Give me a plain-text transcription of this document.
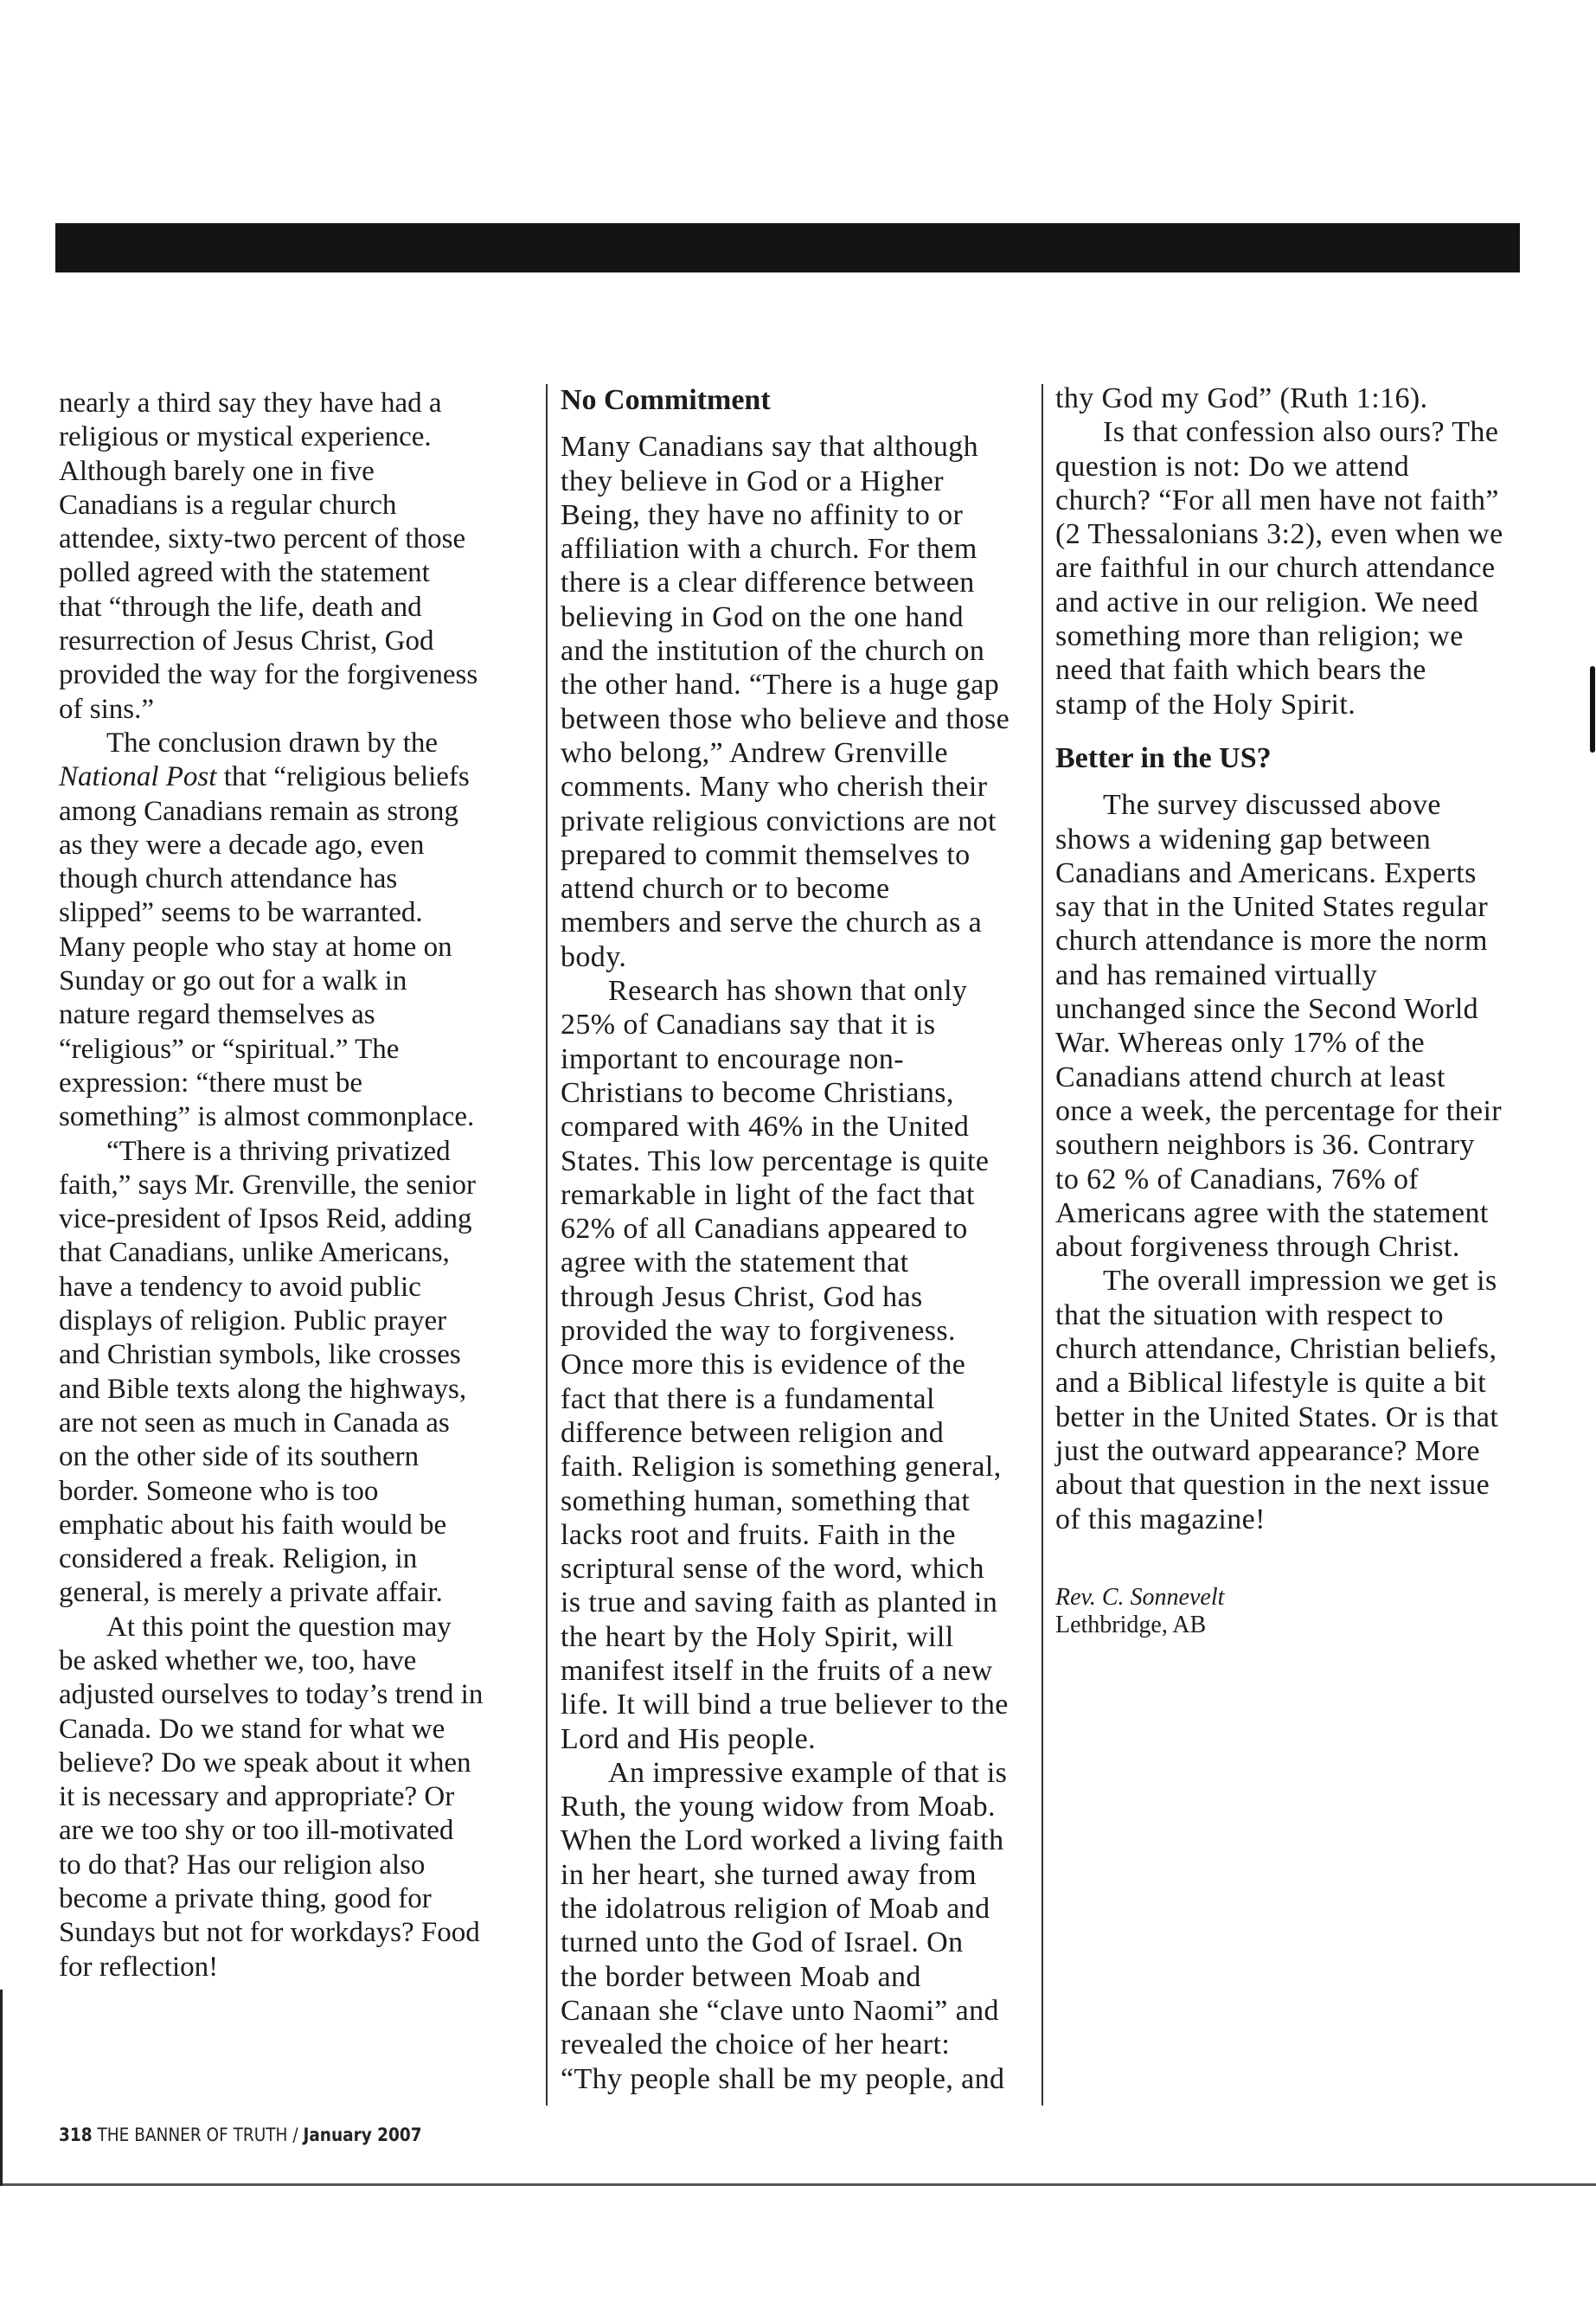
nearly a third say they have had a
religious or mystical experience.
Although barely one in five
Canadians is a regular church
attendee, sixty-two percent of those
polled agreed with the statement
that “through the life, death and
resurrection of Jesus Christ, God
provided the way for the forgiveness
of sins.”
The conclusion drawn by the
National Post that “religious beliefs
among Canadians remain as strong
as they were a decade ago, even
though church attendance has
slipped” seems to be warranted.
Many people who stay at home on
Sunday or go out for a walk in
nature regard themselves as
“religious” or “spiritual.” The
expression: “there must be
something” is almost commonplace.
“There is a thriving privatized
faith,” says Mr. Grenville, the senior
vice-president of Ipsos Reid, adding
that Canadians, unlike Americans,
have a tendency to avoid public
displays of religion. Public prayer
and Christian symbols, like crosses
and Bible texts along the highways,
are not seen as much in Canada as
on the other side of its southern
border. Someone who is too
emphatic about his faith would be
considered a freak. Religion, in
general, is merely a private affair.
At this point the question may
be asked whether we, too, have
adjusted ourselves to today’s trend in
Canada. Do we stand for what we
believe? Do we speak about it when
it is necessary and appropriate? Or
are we too shy or too ill-motivated
to do that? Has our religion also
become a private thing, good for
Sundays but not for workdays? Food
for reflection!
No Commitment
Many Canadians say that although
they believe in God or a Higher
Being, they have no affinity to or
affiliation with a church. For them
there is a clear difference between
believing in God on the one hand
and the institution of the church on
the other hand. “There is a huge gap
between those who believe and those
who belong,” Andrew Grenville
comments. Many who cherish their
private religious convictions are not
prepared to commit themselves to
attend church or to become
members and serve the church as a
body.
Research has shown that only
25% of Canadians say that it is
important to encourage non-
Christians to become Christians,
compared with 46% in the United
States. This low percentage is quite
remarkable in light of the fact that
62% of all Canadians appeared to
agree with the statement that
through Jesus Christ, God has
provided the way to forgiveness.
Once more this is evidence of the
fact that there is a fundamental
difference between religion and
faith. Religion is something general,
something human, something that
lacks root and fruits. Faith in the
scriptural sense of the word, which
is true and saving faith as planted in
the heart by the Holy Spirit, will
manifest itself in the fruits of a new
life. It will bind a true believer to the
Lord and His people.
An impressive example of that is
Ruth, the young widow from Moab.
When the Lord worked a living faith
in her heart, she turned away from
the idolatrous religion of Moab and
turned unto the God of Israel. On
the border between Moab and
Canaan she “clave unto Naomi” and
revealed the choice of her heart:
“Thy people shall be my people, and
thy God my God” (Ruth 1:16).
Is that confession also ours? The
question is not: Do we attend
church? “For all men have not faith”
(2 Thessalonians 3:2), even when we
are faithful in our church attendance
and active in our religion. We need
something more than religion; we
need that faith which bears the
stamp of the Holy Spirit.
Better in the US?
The survey discussed above
shows a widening gap between
Canadians and Americans. Experts
say that in the United States regular
church attendance is more the norm
and has remained virtually
unchanged since the Second World
War. Whereas only 17% of the
Canadians attend church at least
once a week, the percentage for their
southern neighbors is 36. Contrary
to 62 % of Canadians, 76% of
Americans agree with the statement
about forgiveness through Christ.
The overall impression we get is
that the situation with respect to
church attendance, Christian beliefs,
and a Biblical lifestyle is quite a bit
better in the United States. Or is that
just the outward appearance? More
about that question in the next issue
of this magazine!
Rev. C. Sonnevelt
Lethbridge, AB
318 THE BANNER OF TRUTH / January 2007
